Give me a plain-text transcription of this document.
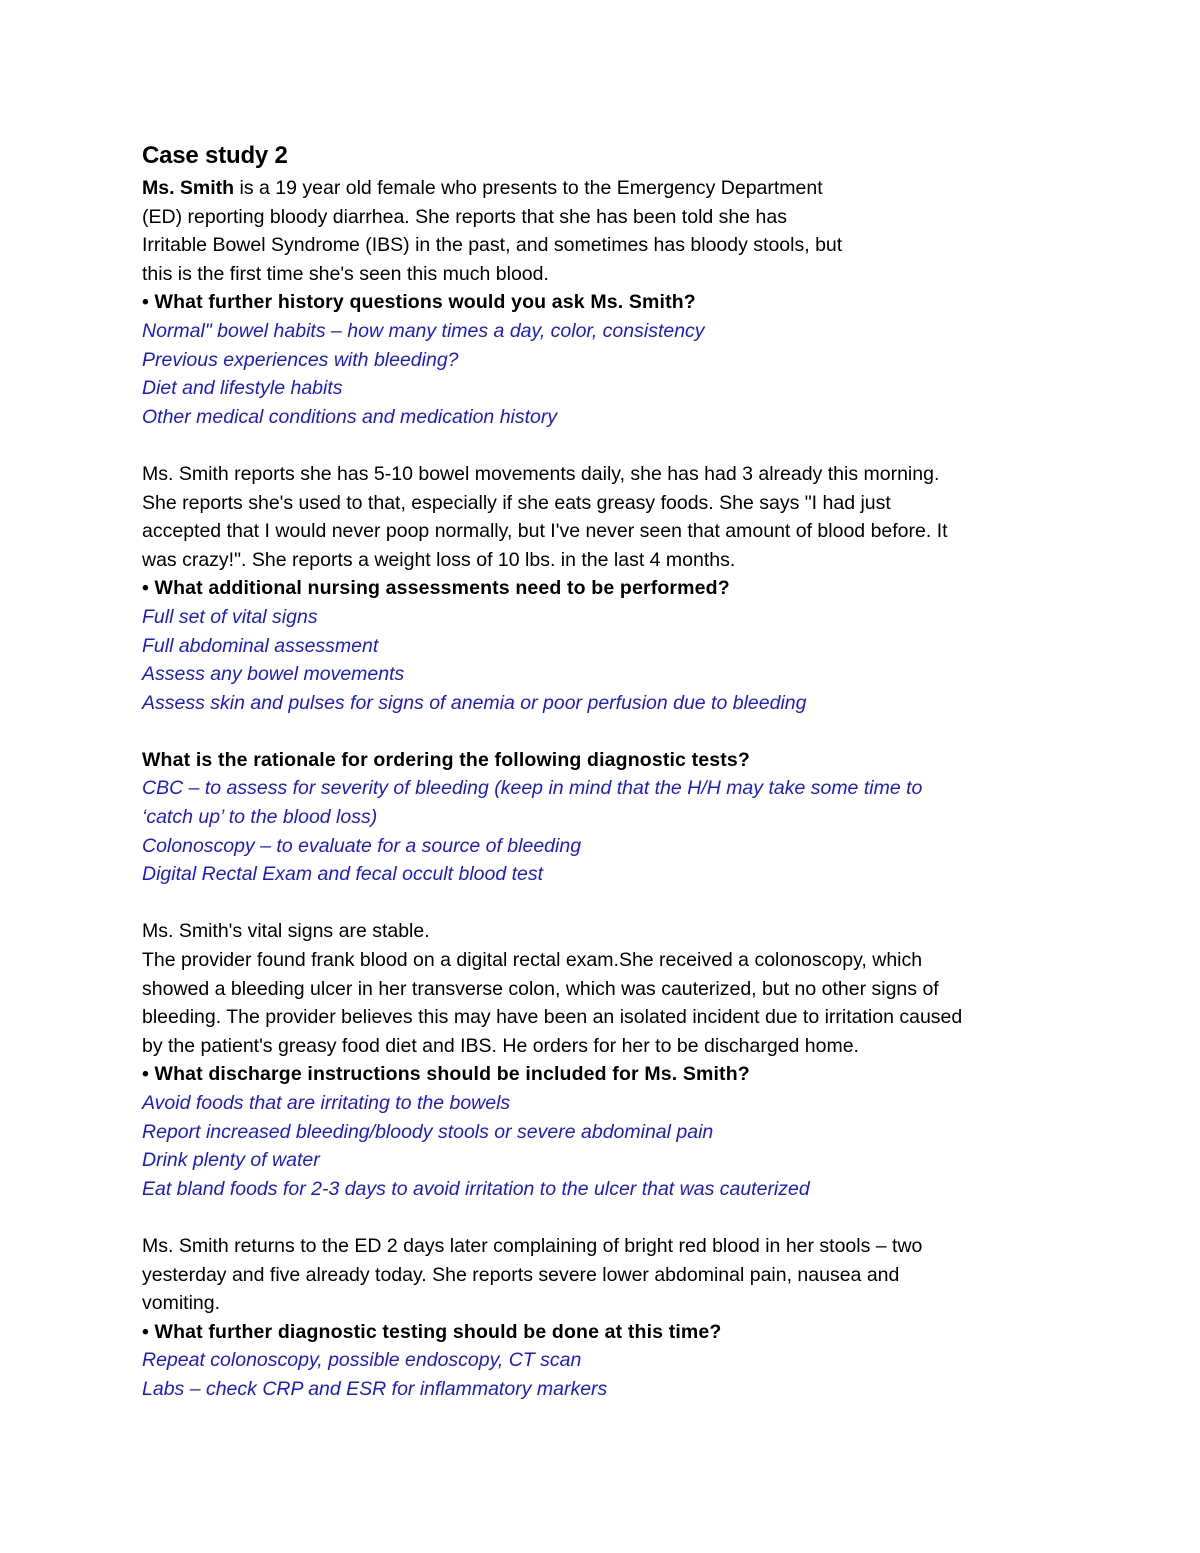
Case study 2

Ms. Smith is a 19 year old female who presents to the Emergency Department

(ED) reporting bloody diarrhea. She reports that she has been told she has

Irritable Bowel Syndrome (IBS) in the past, and sometimes has bloody stools, but

this is the first time she's seen this much blood.

• What further history questions would you ask Ms. Smith?

Normal" bowel habits – how many times a day, color, consistency

Previous experiences with bleeding?

Diet and lifestyle habits

Other medical conditions and medication history

Ms. Smith reports she has 5-10 bowel movements daily, she has had 3 already this morning.

She reports she's used to that, especially if she eats greasy foods. She says "I had just

accepted that I would never poop normally, but I've never seen that amount of blood before. It

was crazy!". She reports a weight loss of 10 lbs. in the last 4 months.

• What additional nursing assessments need to be performed?

Full set of vital signs

Full abdominal assessment

Assess any bowel movements

Assess skin and pulses for signs of anemia or poor perfusion due to bleeding

What is the rationale for ordering the following diagnostic tests?

CBC – to assess for severity of bleeding (keep in mind that the H/H may take some time to

‘catch up’ to the blood loss)

Colonoscopy – to evaluate for a source of bleeding

Digital Rectal Exam and fecal occult blood test

Ms. Smith's vital signs are stable.

The provider found frank blood on a digital rectal exam.She received a colonoscopy, which

showed a bleeding ulcer in her transverse colon, which was cauterized, but no other signs of

bleeding. The provider believes this may have been an isolated incident due to irritation caused

by the patient's greasy food diet and IBS. He orders for her to be discharged home.

• What discharge instructions should be included for Ms. Smith?

Avoid foods that are irritating to the bowels

Report increased bleeding/bloody stools or severe abdominal pain

Drink plenty of water

Eat bland foods for 2-3 days to avoid irritation to the ulcer that was cauterized

Ms. Smith returns to the ED 2 days later complaining of bright red blood in her stools – two

yesterday and five already today. She reports severe lower abdominal pain, nausea and

vomiting.

• What further diagnostic testing should be done at this time?

Repeat colonoscopy, possible endoscopy, CT scan

Labs – check CRP and ESR for inflammatory markers
